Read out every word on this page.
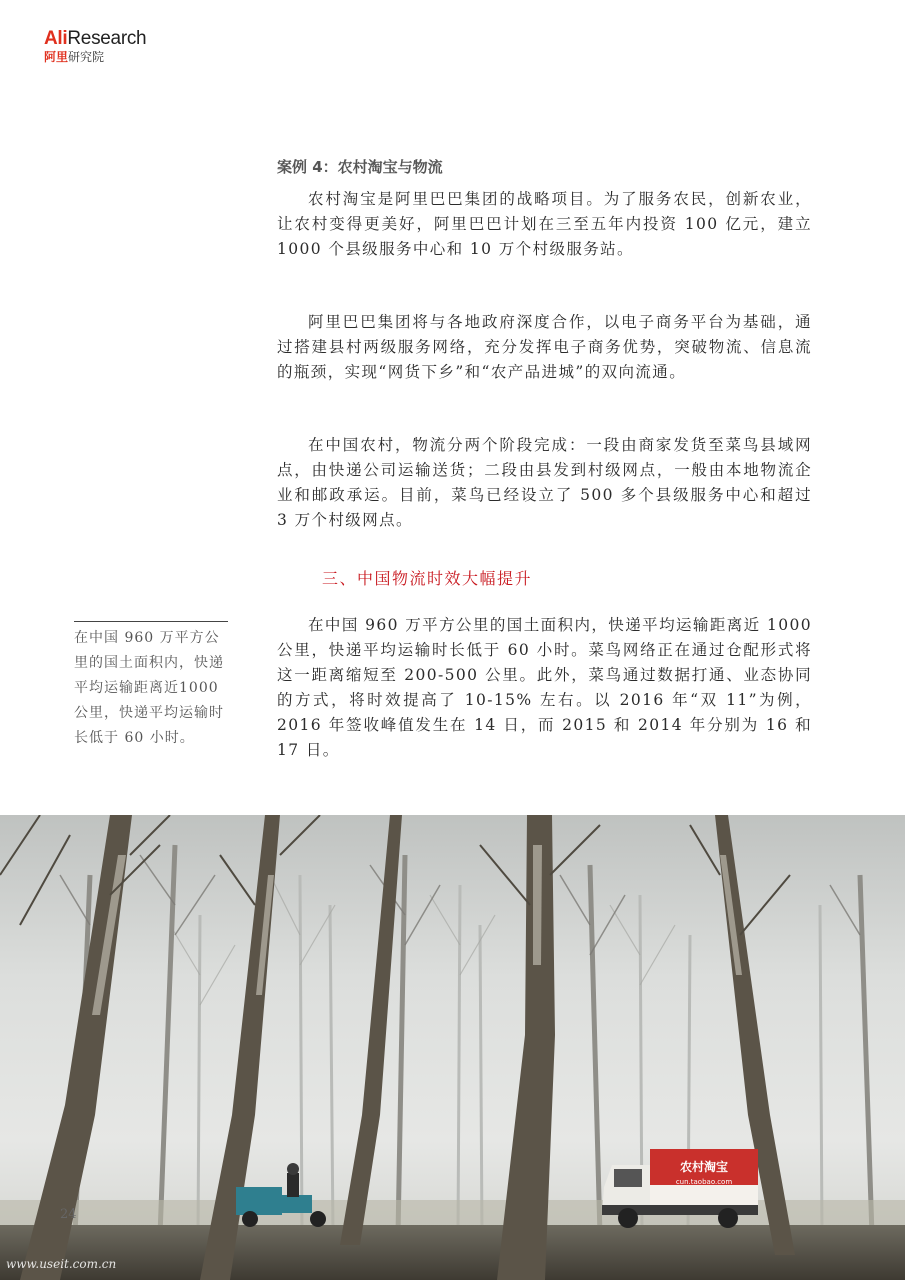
AliResearch
阿里研究院
案例 4：农村淘宝与物流

农村淘宝是阿里巴巴集团的战略项目。为了服务农民，创新农业，让农村变得更美好，阿里巴巴计划在三至五年内投资 100 亿元，建立 1000 个县级服务中心和 10 万个村级服务站。

阿里巴巴集团将与各地政府深度合作，以电子商务平台为基础，通过搭建县村两级服务网络，充分发挥电子商务优势，突破物流、信息流的瓶颈，实现“网货下乡”和“农产品进城”的双向流通。

在中国农村，物流分两个阶段完成：一段由商家发货至菜鸟县域网点，由快递公司运输送货；二段由县发到村级网点，一般由本地物流企业和邮政承运。目前，菜鸟已经设立了 500 多个县级服务中心和超过 3 万个村级网点。

三、中国物流时效大幅提升
在中国 960 万平方公里的国土面积内，快递平均运输距离近1000公里，快递平均运输时长低于 60 小时。

在中国 960 万平方公里的国土面积内，快递平均运输距离近 1000 公里，快递平均运输时长低于 60 小时。菜鸟网络正在通过仓配形式将这一距离缩短至 200-500 公里。此外，菜鸟通过数据打通、业态协同的方式，将时效提高了 10-15% 左右。以 2016 年“双 11”为例，2016 年签收峰值发生在 14 日，而 2015 和 2014 年分别为 16 和 17 日。

农村淘宝
cun.taobao.com
24
www.useit.com.cn
